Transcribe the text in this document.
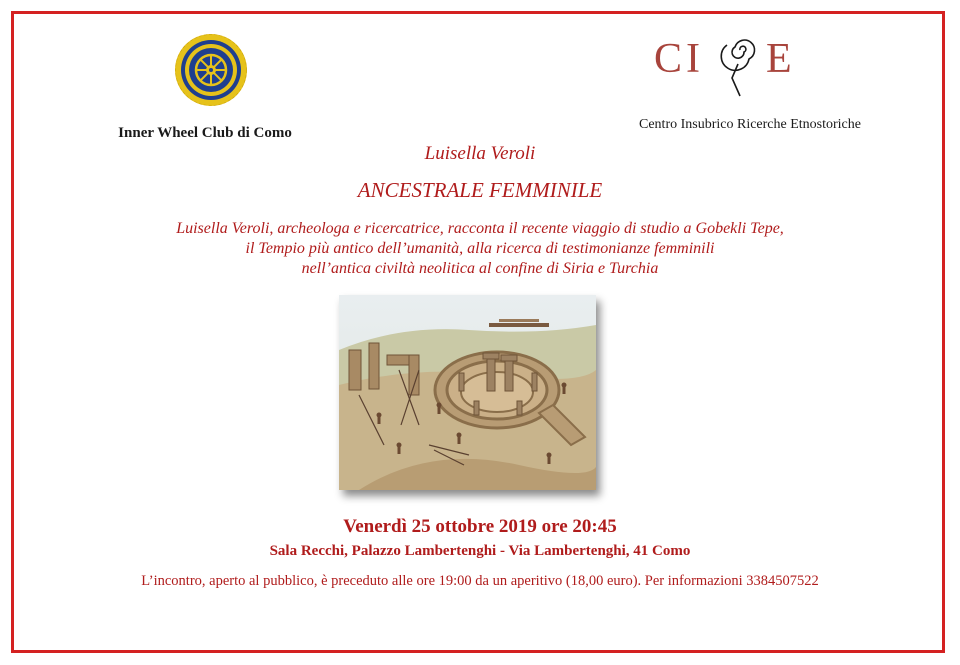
Inner Wheel Club di Como
CI E
Centro Insubrico Ricerche Etnostoriche
Luisella Veroli
ANCESTRALE FEMMINILE
Luisella Veroli, archeologa e ricercatrice, racconta il recente viaggio di studio a Gobekli Tepe,
il Tempio più antico dell’umanità, alla ricerca di testimonianze femminili
nell’antica civiltà neolitica al confine di Siria e Turchia
Venerdì 25 ottobre 2019 ore 20:45
Sala Recchi, Palazzo Lambertenghi - Via Lambertenghi, 41 Como
L’incontro, aperto al pubblico, è preceduto alle ore 19:00 da un aperitivo (18,00 euro). Per informazioni 3384507522
